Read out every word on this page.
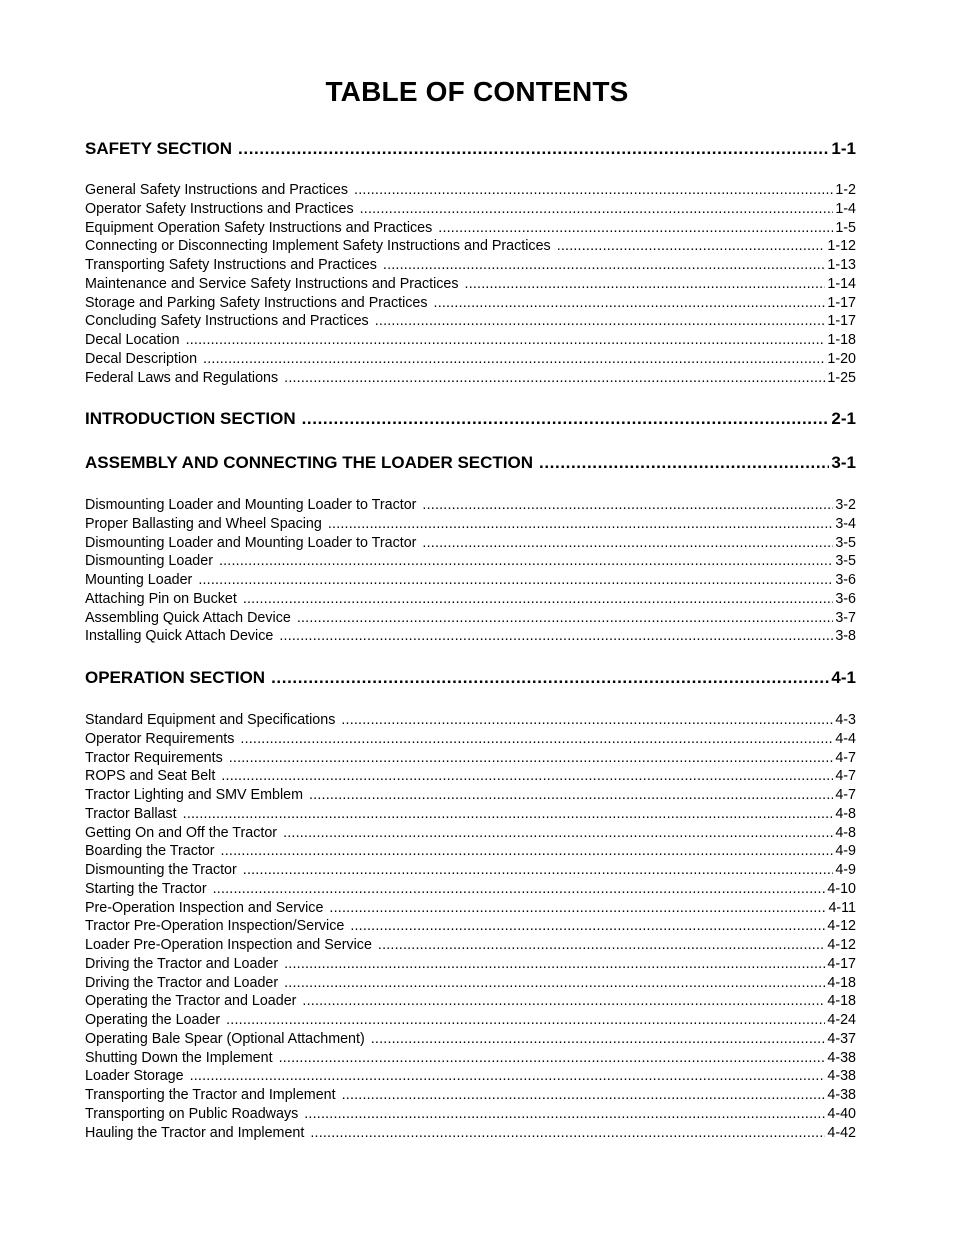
TABLE OF CONTENTS
SAFETY SECTION .....	1-1
General Safety Instructions and Practices .....	1-2
Operator Safety Instructions and Practices .....	1-4
Equipment Operation Safety Instructions and Practices .....	1-5
Connecting or Disconnecting Implement Safety Instructions and Practices .....	1-12
Transporting Safety Instructions and Practices .....	1-13
Maintenance and Service Safety Instructions and Practices .....	1-14
Storage and Parking Safety Instructions and Practices .....	1-17
Concluding Safety Instructions and Practices .....	1-17
Decal Location .....	1-18
Decal Description .....	1-20
Federal Laws and Regulations .....	1-25
INTRODUCTION SECTION .....	2-1
ASSEMBLY AND CONNECTING THE LOADER SECTION .....	3-1
Dismounting Loader and Mounting Loader to Tractor .....	3-2
Proper Ballasting and Wheel Spacing .....	3-4
Dismounting Loader and Mounting Loader to Tractor .....	3-5
Dismounting Loader .....	3-5
Mounting Loader .....	3-6
Attaching Pin on Bucket .....	3-6
Assembling Quick Attach Device .....	3-7
Installing Quick Attach Device .....	3-8
OPERATION SECTION .....	4-1
Standard Equipment and Specifications .....	4-3
Operator Requirements .....	4-4
Tractor Requirements .....	4-7
ROPS and Seat Belt .....	4-7
Tractor Lighting and SMV Emblem .....	4-7
Tractor Ballast .....	4-8
Getting On and Off the Tractor .....	4-8
Boarding the Tractor .....	4-9
Dismounting the Tractor .....	4-9
Starting the Tractor .....	4-10
Pre-Operation Inspection and Service .....	4-11
Tractor Pre-Operation Inspection/Service .....	4-12
Loader Pre-Operation Inspection and Service .....	4-12
Driving the Tractor and Loader .....	4-17
Driving the Tractor and Loader .....	4-18
Operating the Tractor and Loader .....	4-18
Operating the Loader .....	4-24
Operating Bale Spear (Optional Attachment) .....	4-37
Shutting Down the Implement .....	4-38
Loader Storage .....	4-38
Transporting the Tractor and Implement .....	4-38
Transporting on Public Roadways .....	4-40
Hauling the Tractor and Implement .....	4-42
